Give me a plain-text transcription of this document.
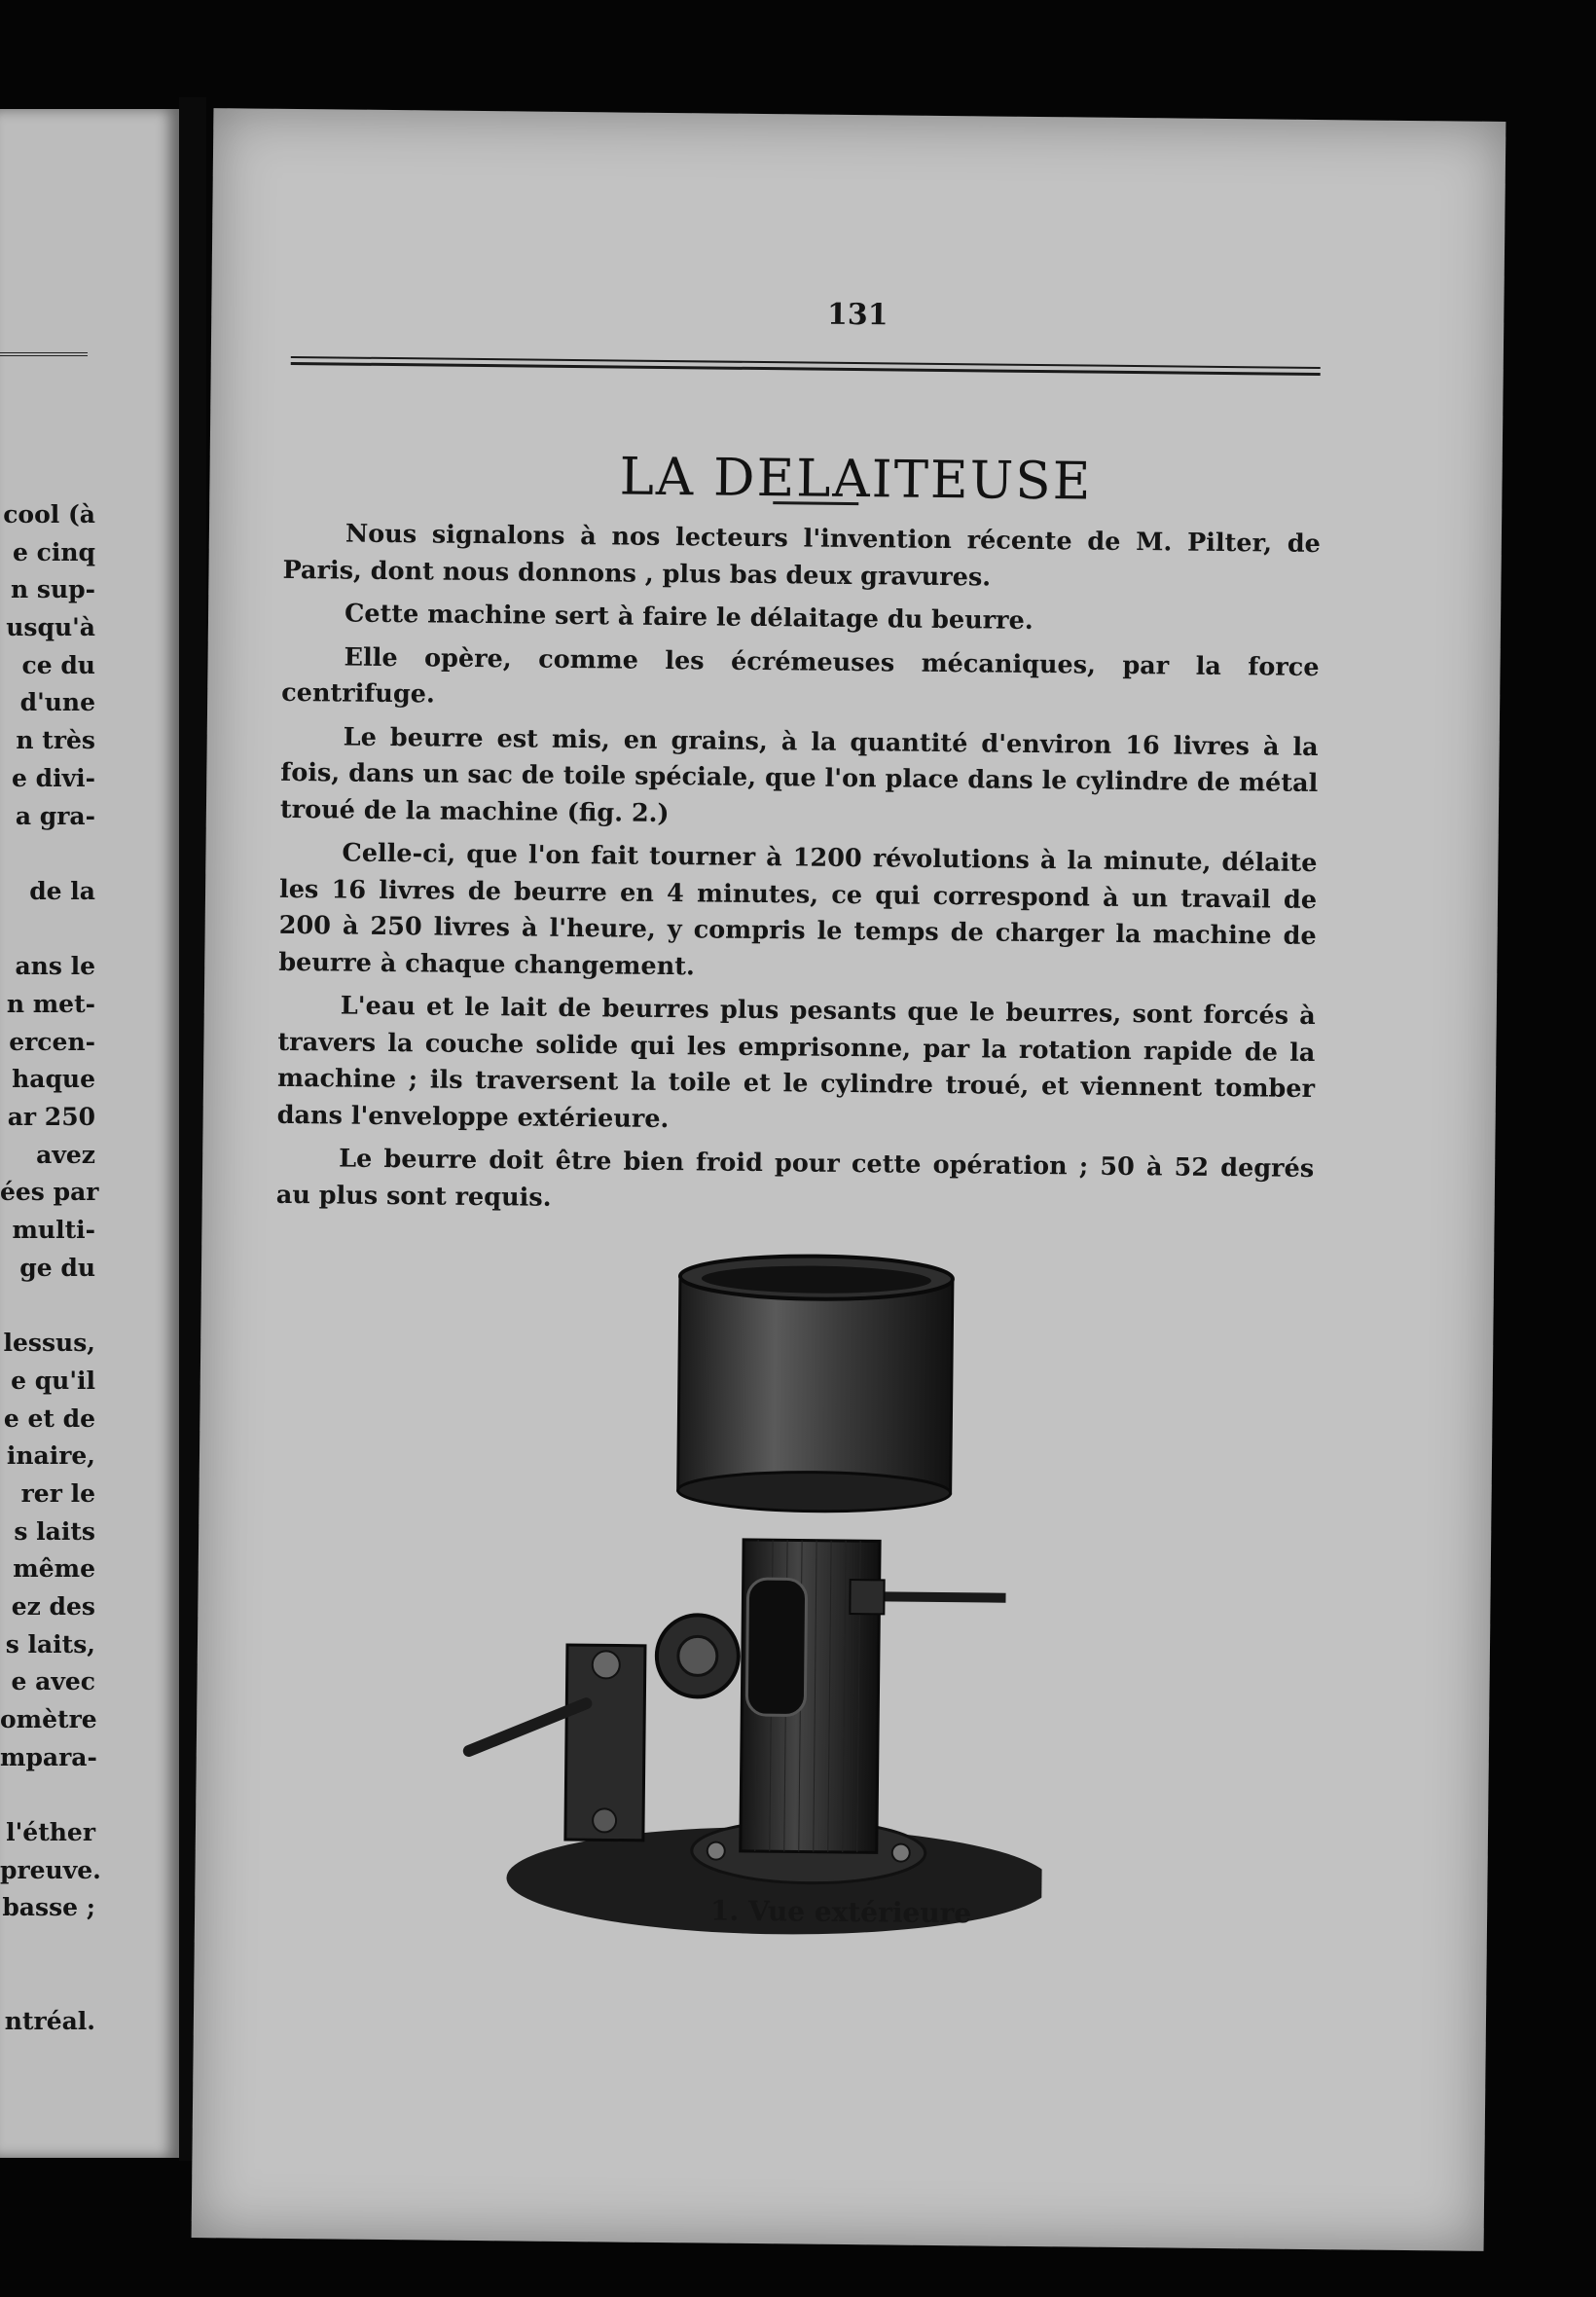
cool (à
e cinq
n sup-
usqu'à
ce du
d'une
n très
e divi-
a gra-
de la
ans le
n met-
ercen-
haque
ar 250
avez
ées par
multi-
ge du
lessus,
e qu'il
e et de
inaire,
rer le
s laits
même
ez des
s laits,
e avec
omètre
mpara-
l'éther
preuve.
basse ;
ntréal.
131
LA DELAITEUSE

Nous signalons à nos lecteurs l'invention récente de M. Pilter, de Paris, dont nous donnons , plus bas deux gravures.

Cette machine sert à faire le délaitage du beurre.

Elle opère, comme les écrémeuses mécaniques, par la force centrifuge.

Le beurre est mis, en grains, à la quantité d'environ 16 livres à la fois, dans un sac de toile spéciale, que l'on place dans le cylindre de métal troué de la machine (fig. 2.)

Celle-ci, que l'on fait tourner à 1200 révolutions à la minute, délaite les 16 livres de beurre en 4 minutes, ce qui correspond à un travail de 200 à 250 livres à l'heure, y compris le temps de charger la machine de beurre à chaque changement.

L'eau et le lait de beurres plus pesants que le beurres, sont forcés à travers la couche solide qui les emprisonne, par la rotation rapide de la machine ; ils traversent la toile et le cylindre troué, et viennent tomber dans l'enveloppe extérieure.

Le beurre doit être bien froid pour cette opération ; 50 à 52 degrés au plus sont requis.

1. Vue extérieure
